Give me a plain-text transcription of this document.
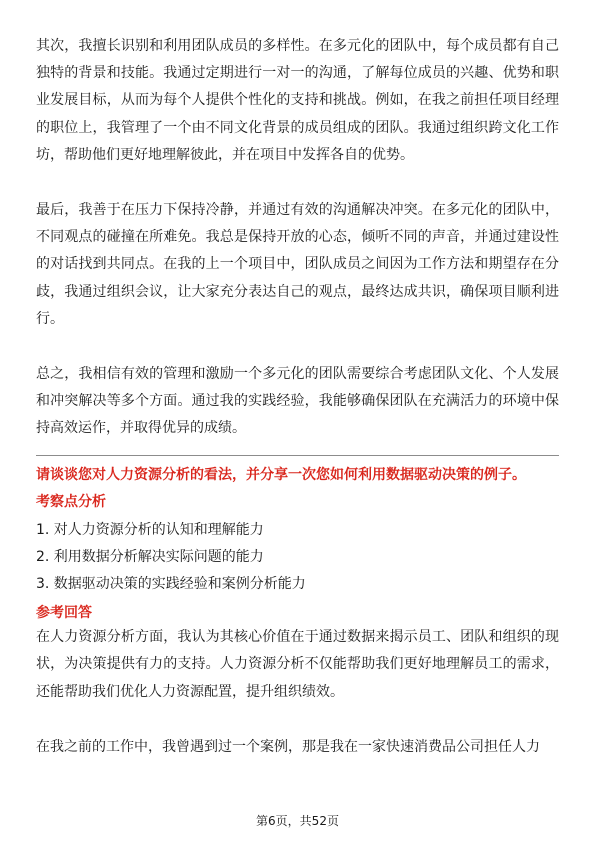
其次，我擅长识别和利用团队成员的多样性。在多元化的团队中，每个成员都有自己独特的背景和技能。我通过定期进行一对一的沟通，了解每位成员的兴趣、优势和职业发展目标，从而为每个人提供个性化的支持和挑战。例如，在我之前担任项目经理的职位上，我管理了一个由不同文化背景的成员组成的团队。我通过组织跨文化工作坊，帮助他们更好地理解彼此，并在项目中发挥各自的优势。

最后，我善于在压力下保持冷静，并通过有效的沟通解决冲突。在多元化的团队中，不同观点的碰撞在所难免。我总是保持开放的心态，倾听不同的声音，并通过建设性的对话找到共同点。在我的上一个项目中，团队成员之间因为工作方法和期望存在分歧，我通过组织会议，让大家充分表达自己的观点，最终达成共识，确保项目顺利进行。

总之，我相信有效的管理和激励一个多元化的团队需要综合考虑团队文化、个人发展和冲突解决等多个方面。通过我的实践经验，我能够确保团队在充满活力的环境中保持高效运作，并取得优异的成绩。

请谈谈您对人力资源分析的看法，并分享一次您如何利用数据驱动决策的例子。

考察点分析

1. 对人力资源分析的认知和理解能力
2. 利用数据分析解决实际问题的能力
3. 数据驱动决策的实践经验和案例分析能力

参考回答

在人力资源分析方面，我认为其核心价值在于通过数据来揭示员工、团队和组织的现状，为决策提供有力的支持。人力资源分析不仅能帮助我们更好地理解员工的需求，还能帮助我们优化人力资源配置，提升组织绩效。

在我之前的工作中，我曾遇到过一个案例，那是我在一家快速消费品公司担任人力

第6页，共52页
